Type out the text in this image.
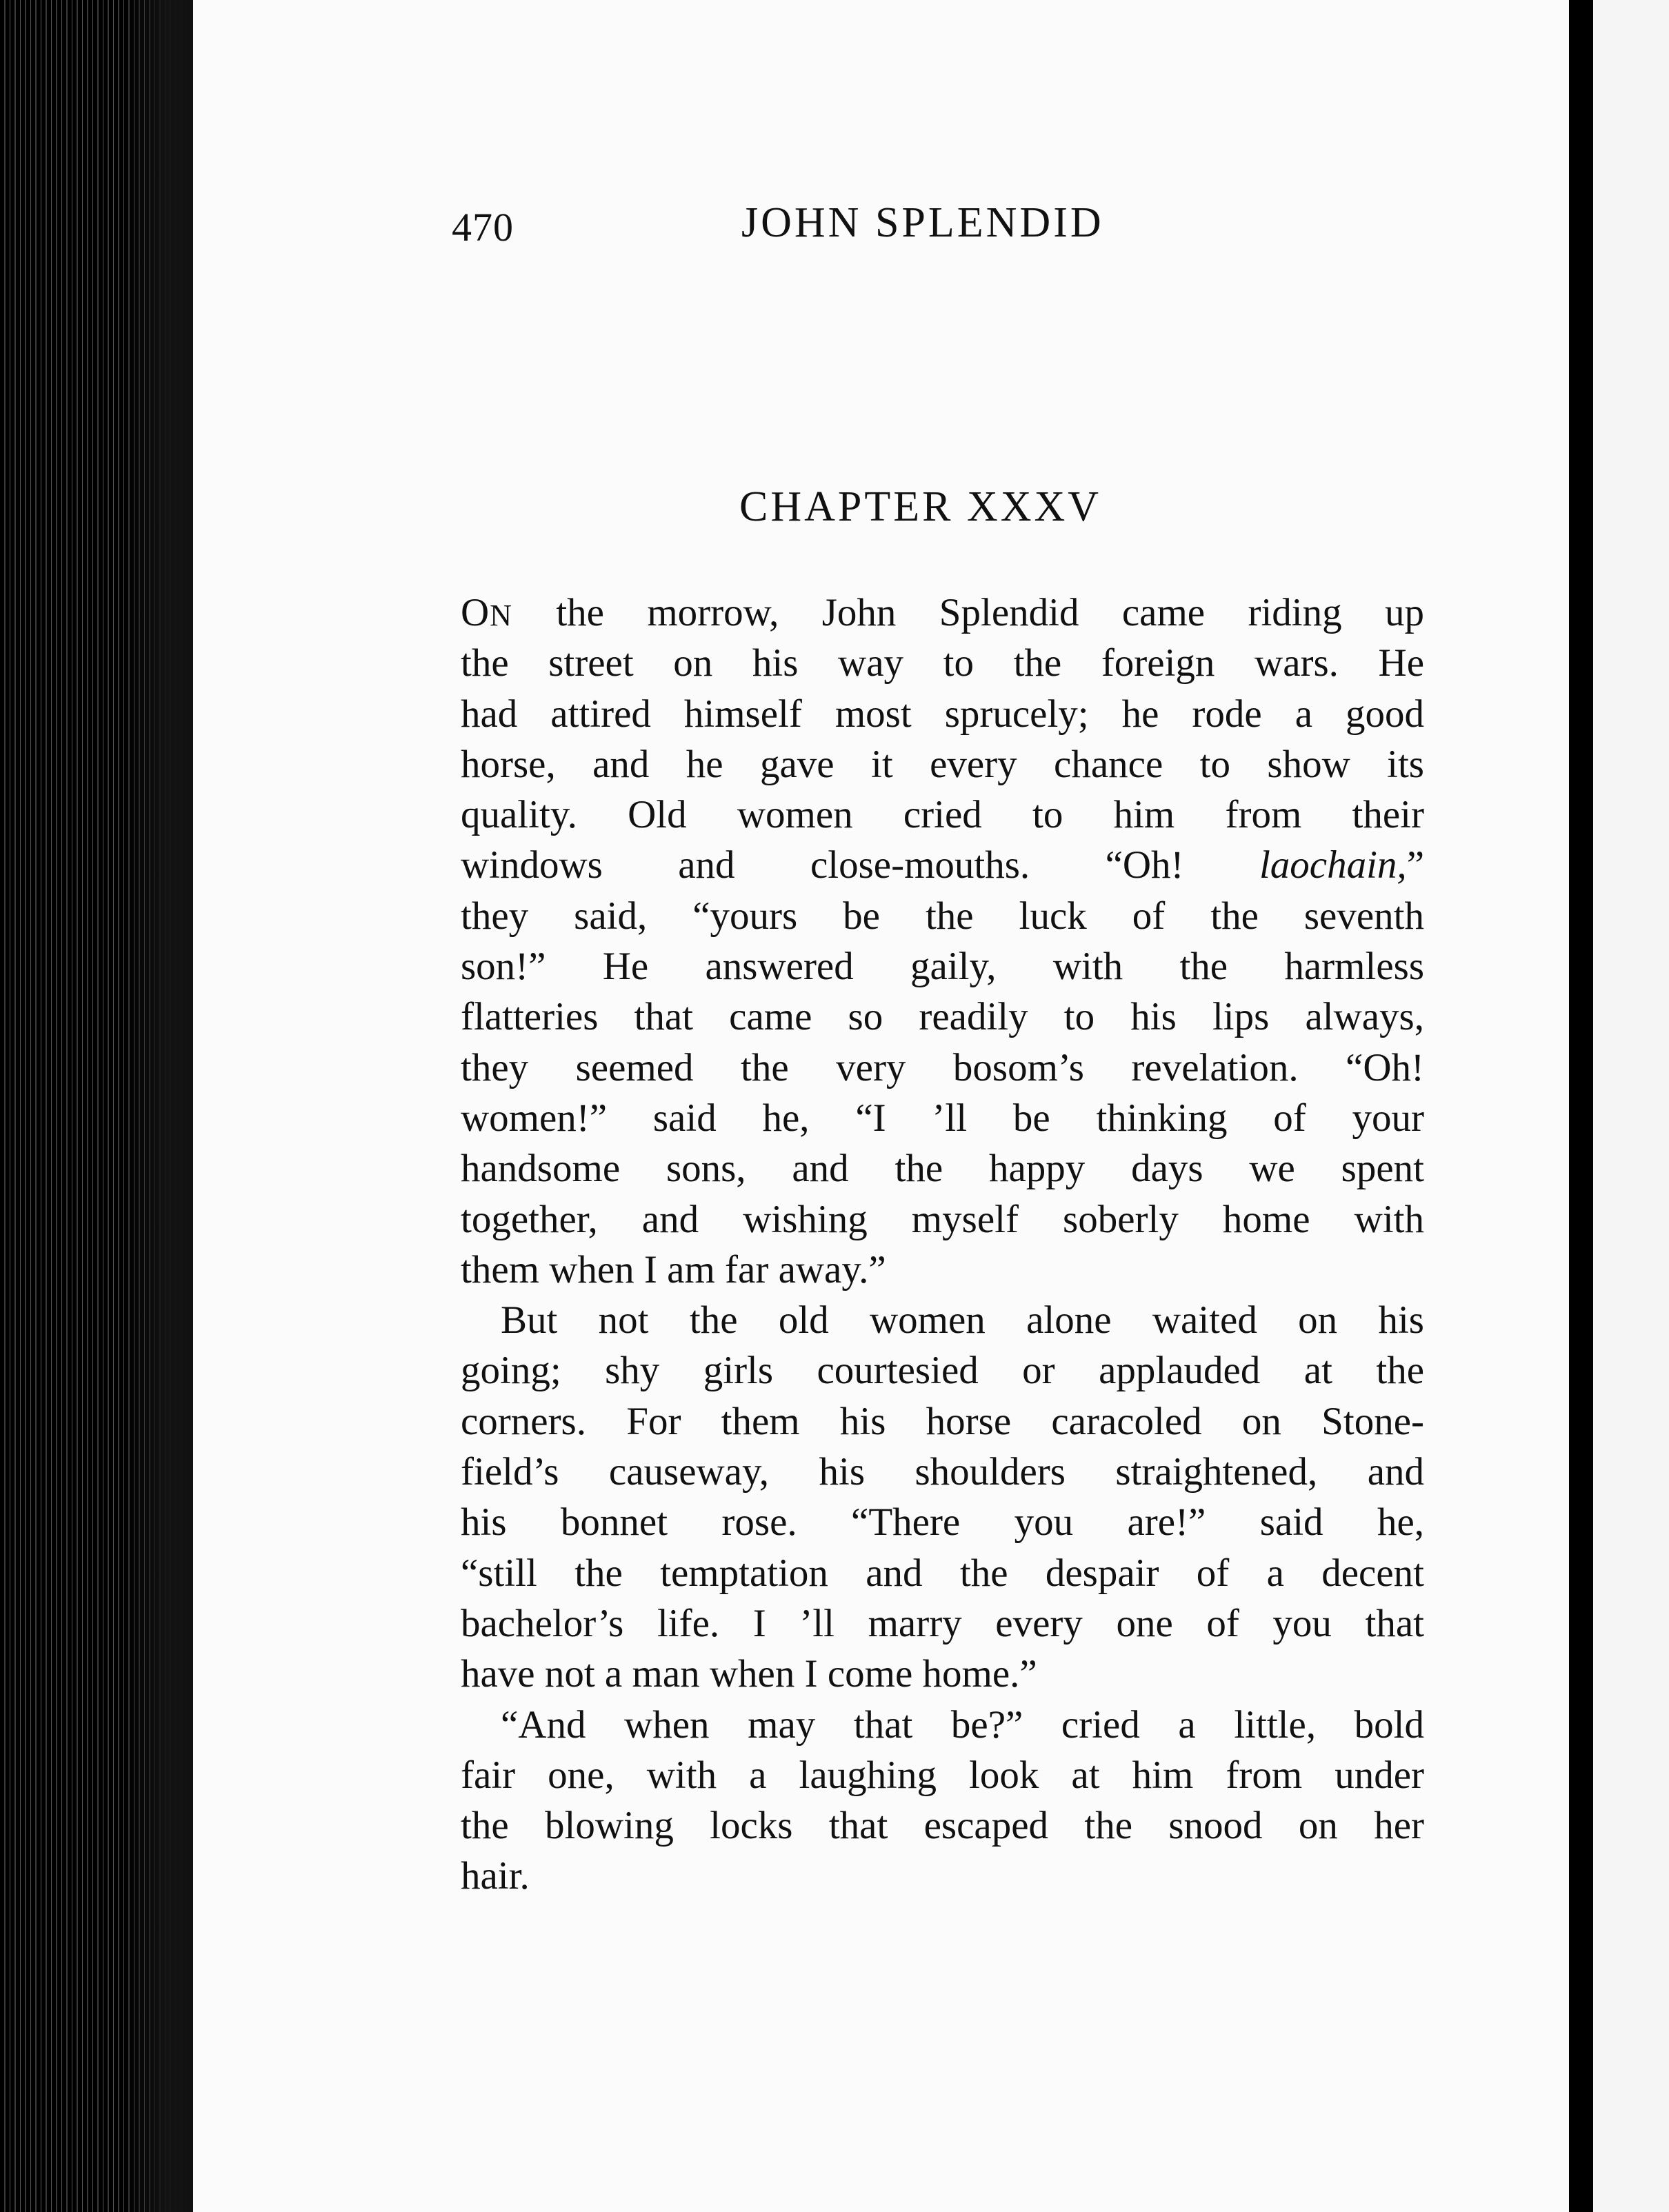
470	JOHN SPLENDID
CHAPTER XXXV
ON the morrow, John Splendid came riding up
the street on his way to the foreign wars. He
had attired himself most sprucely; he rode a good
horse, and he gave it every chance to show its
quality. Old women cried to him from their
windows and close-mouths. “Oh! laochain,”
they said, “yours be the luck of the seventh
son!” He answered gaily, with the harmless
flatteries that came so readily to his lips always,
they seemed the very bosom’s revelation. “Oh!
women!” said he, “I ’ll be thinking of your
handsome sons, and the happy days we spent
together, and wishing myself soberly home with
them when I am far away.”
But not the old women alone waited on his
going; shy girls courtesied or applauded at the
corners. For them his horse caracoled on Stone-
field’s causeway, his shoulders straightened, and
his bonnet rose. “There you are!” said he,
“still the temptation and the despair of a decent
bachelor’s life. I ’ll marry every one of you that
have not a man when I come home.”
“And when may that be?” cried a little, bold
fair one, with a laughing look at him from under
the blowing locks that escaped the snood on her
hair.
